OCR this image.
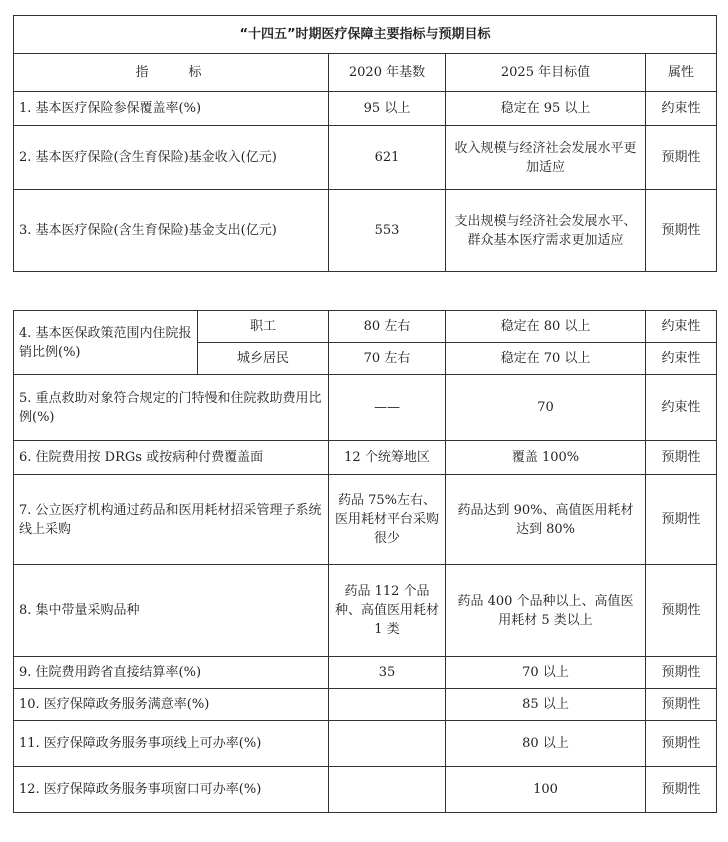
“十四五”时期医疗保障主要指标与预期目标			
指标	2020 年基数	2025 年目标值	属性
1. 基本医疗保险参保覆盖率(%)	95 以上	稳定在 95 以上	约束性
2. 基本医疗保险(含生育保险)基金收入(亿元)	621	收入规模与经济社会发展水平更加适应	预期性
3. 基本医疗保险(含生育保险)基金支出(亿元)	553	支出规模与经济社会发展水平、群众基本医疗需求更加适应	预期性
4. 基本医保政策范围内住院报销比例(%)	职工	80 左右	稳定在 80 以上	约束性
	城乡居民	70 左右	稳定在 70 以上	约束性
5. 重点救助对象符合规定的门特慢和住院救助费用比例(%)		——	70	约束性
6. 住院费用按 DRGs 或按病种付费覆盖面		12 个统筹地区	覆盖 100%	预期性
7. 公立医疗机构通过药品和医用耗材招采管理子系统线上采购		药品 75%左右、医用耗材平台采购很少	药品达到 90%、高值医用耗材达到 80%	预期性
8. 集中带量采购品种		药品 112 个品种、高值医用耗材 1 类	药品 400 个品种以上、高值医用耗材 5 类以上	预期性
9. 住院费用跨省直接结算率(%)		35	70 以上	预期性
10. 医疗保障政务服务满意率(%)			85 以上	预期性
11. 医疗保障政务服务事项线上可办率(%)			80 以上	预期性
12. 医疗保障政务服务事项窗口可办率(%)			100	预期性
